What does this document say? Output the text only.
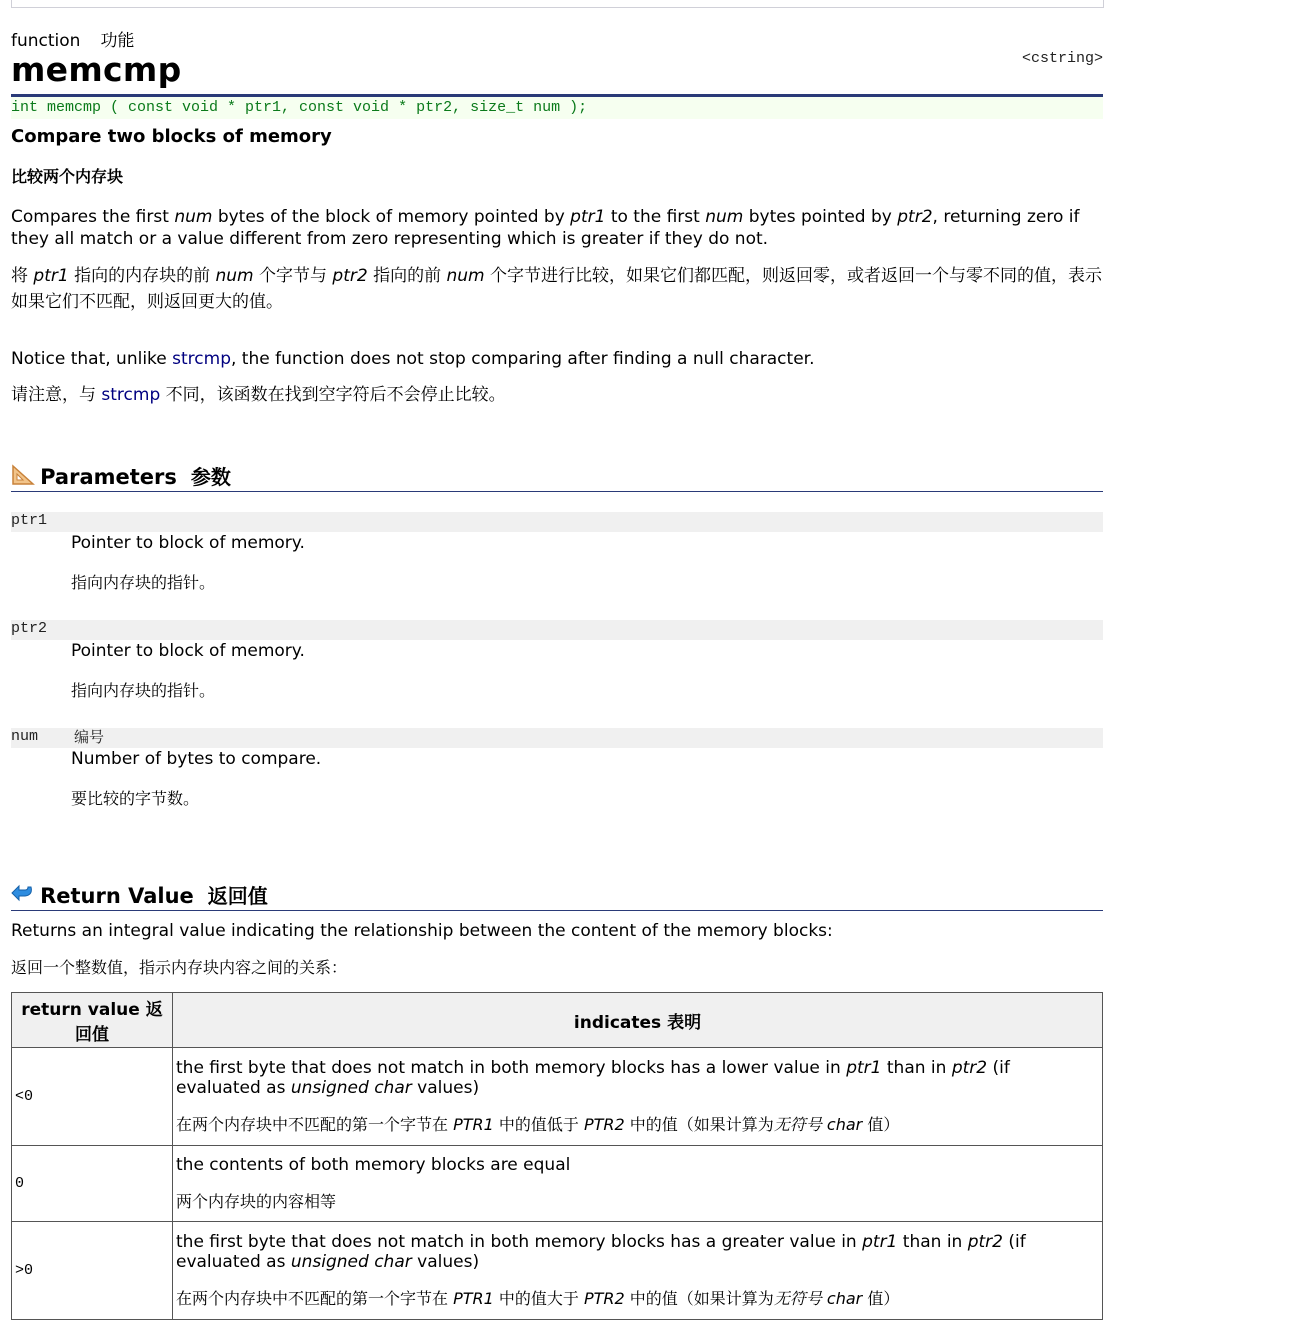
function 功能
memcmp	<cstring>
int memcmp ( const void * ptr1, const void * ptr2, size_t num );
Compare two blocks of memory
比较两个内存块
Compares the first num bytes of the block of memory pointed by ptr1 to the first num bytes pointed by ptr2, returning zero if they all match or a value different from zero representing which is greater if they do not.
将 ptr1 指向的内存块的前 num 个字节与 ptr2 指向的前 num 个字节进行比较，如果它们都匹配，则返回零，或者返回一个与零不同的值，表示如果它们不匹配，则返回更大的值。
Notice that, unlike strcmp, the function does not stop comparing after finding a null character.
请注意，与 strcmp 不同，该函数在找到空字符后不会停止比较。
Parameters 参数
ptr1
Pointer to block of memory.
指向内存块的指针。
ptr2
Pointer to block of memory.
指向内存块的指针。
num 编号
Number of bytes to compare.
要比较的字节数。
Return Value 返回值
Returns an integral value indicating the relationship between the content of the memory blocks:
返回一个整数值，指示内存块内容之间的关系：
return value 返回值	indicates 表明
<0	the first byte that does not match in both memory blocks has a lower value in ptr1 than in ptr2 (if evaluated as unsigned char values)

在两个内存块中不匹配的第一个字节在 PTR1 中的值低于 PTR2 中的值（如果计算为无符号 char 值）

0	the contents of both memory blocks are equal

两个内存块的内容相等

>0	the first byte that does not match in both memory blocks has a greater value in ptr1 than in ptr2 (if evaluated as unsigned char values)

在两个内存块中不匹配的第一个字节在 PTR1 中的值大于 PTR2 中的值（如果计算为无符号 char 值）
